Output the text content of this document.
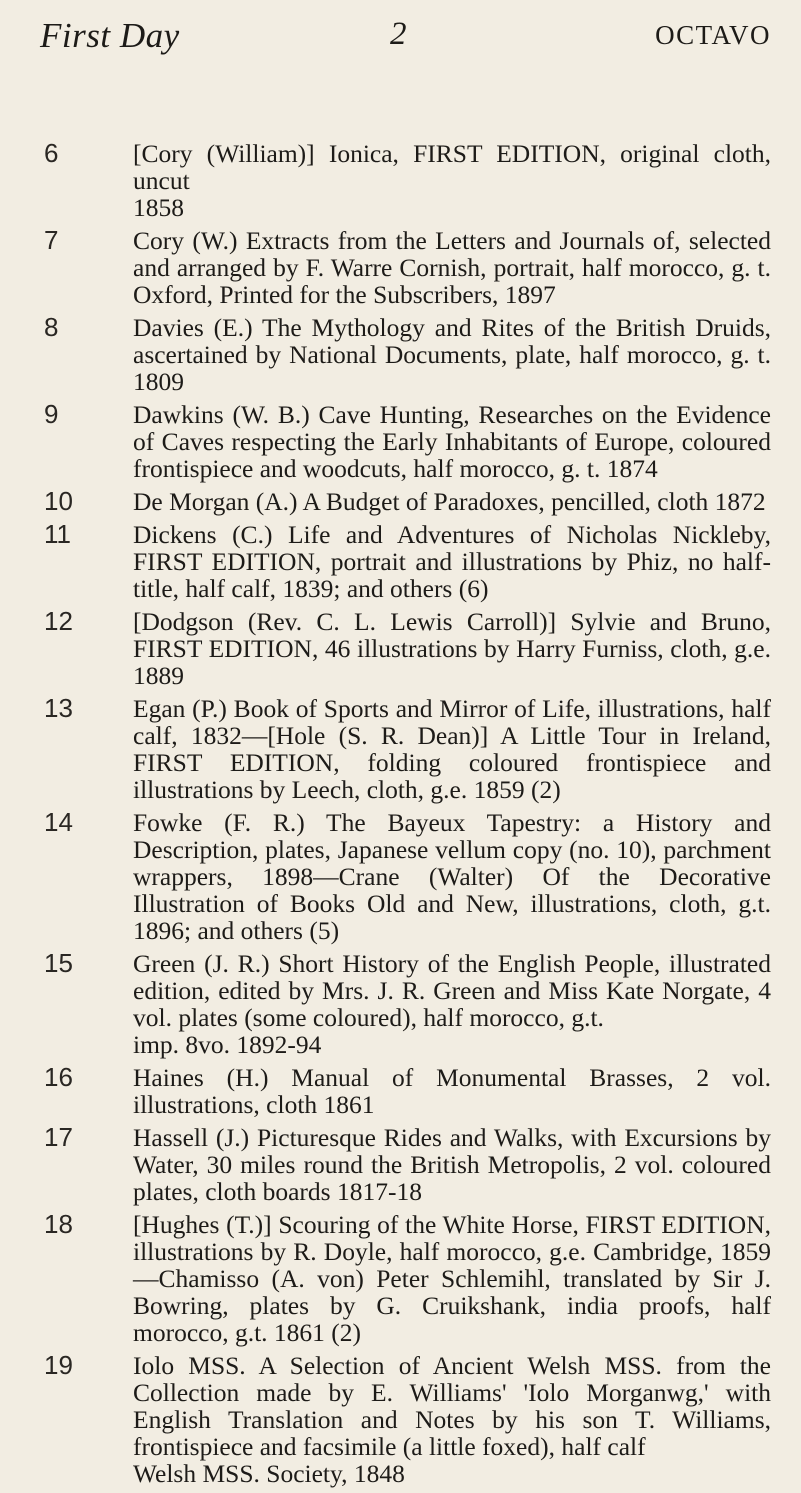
First Day	2	OCTAVO
6	[Cory (William)] Ionica, FIRST EDITION, original cloth, uncut
1858
7	Cory (W.) Extracts from the Letters and Journals of, selected and arranged by F. Warre Cornish, portrait, half morocco, g. t. Oxford, Printed for the Subscribers, 1897
8	Davies (E.) The Mythology and Rites of the British Druids, ascertained by National Documents, plate, half morocco, g. t. 1809
9	Dawkins (W. B.) Cave Hunting, Researches on the Evidence of Caves respecting the Early Inhabitants of Europe, coloured frontispiece and woodcuts, half morocco, g. t. 1874
10	De Morgan (A.) A Budget of Paradoxes, pencilled, cloth 1872
11	Dickens (C.) Life and Adventures of Nicholas Nickleby, FIRST EDITION, portrait and illustrations by Phiz, no half-title, half calf, 1839; and others (6)
12	[Dodgson (Rev. C. L. Lewis Carroll)] Sylvie and Bruno, FIRST EDITION, 46 illustrations by Harry Furniss, cloth, g.e. 1889
13	Egan (P.) Book of Sports and Mirror of Life, illustrations, half calf, 1832—[Hole (S. R. Dean)] A Little Tour in Ireland, FIRST EDITION, folding coloured frontispiece and illustrations by Leech, cloth, g.e. 1859 (2)
14	Fowke (F. R.) The Bayeux Tapestry: a History and Description, plates, Japanese vellum copy (no. 10), parchment wrappers, 1898—Crane (Walter) Of the Decorative Illustration of Books Old and New, illustrations, cloth, g.t. 1896; and others (5)
15	Green (J. R.) Short History of the English People, illustrated edition, edited by Mrs. J. R. Green and Miss Kate Norgate, 4 vol. plates (some coloured), half morocco, g.t.
imp. 8vo. 1892-94
16	Haines (H.) Manual of Monumental Brasses, 2 vol. illustrations, cloth 1861
17	Hassell (J.) Picturesque Rides and Walks, with Excursions by Water, 30 miles round the British Metropolis, 2 vol. coloured plates, cloth boards 1817-18
18	[Hughes (T.)] Scouring of the White Horse, FIRST EDITION, illustrations by R. Doyle, half morocco, g.e. Cambridge, 1859—Chamisso (A. von) Peter Schlemihl, translated by Sir J. Bowring, plates by G. Cruikshank, india proofs, half morocco, g.t. 1861 (2)
19	Iolo MSS. A Selection of Ancient Welsh MSS. from the Collection made by E. Williams' 'Iolo Morganwg,' with English Translation and Notes by his son T. Williams, frontispiece and facsimile (a little foxed), half calf
Welsh MSS. Society, 1848
